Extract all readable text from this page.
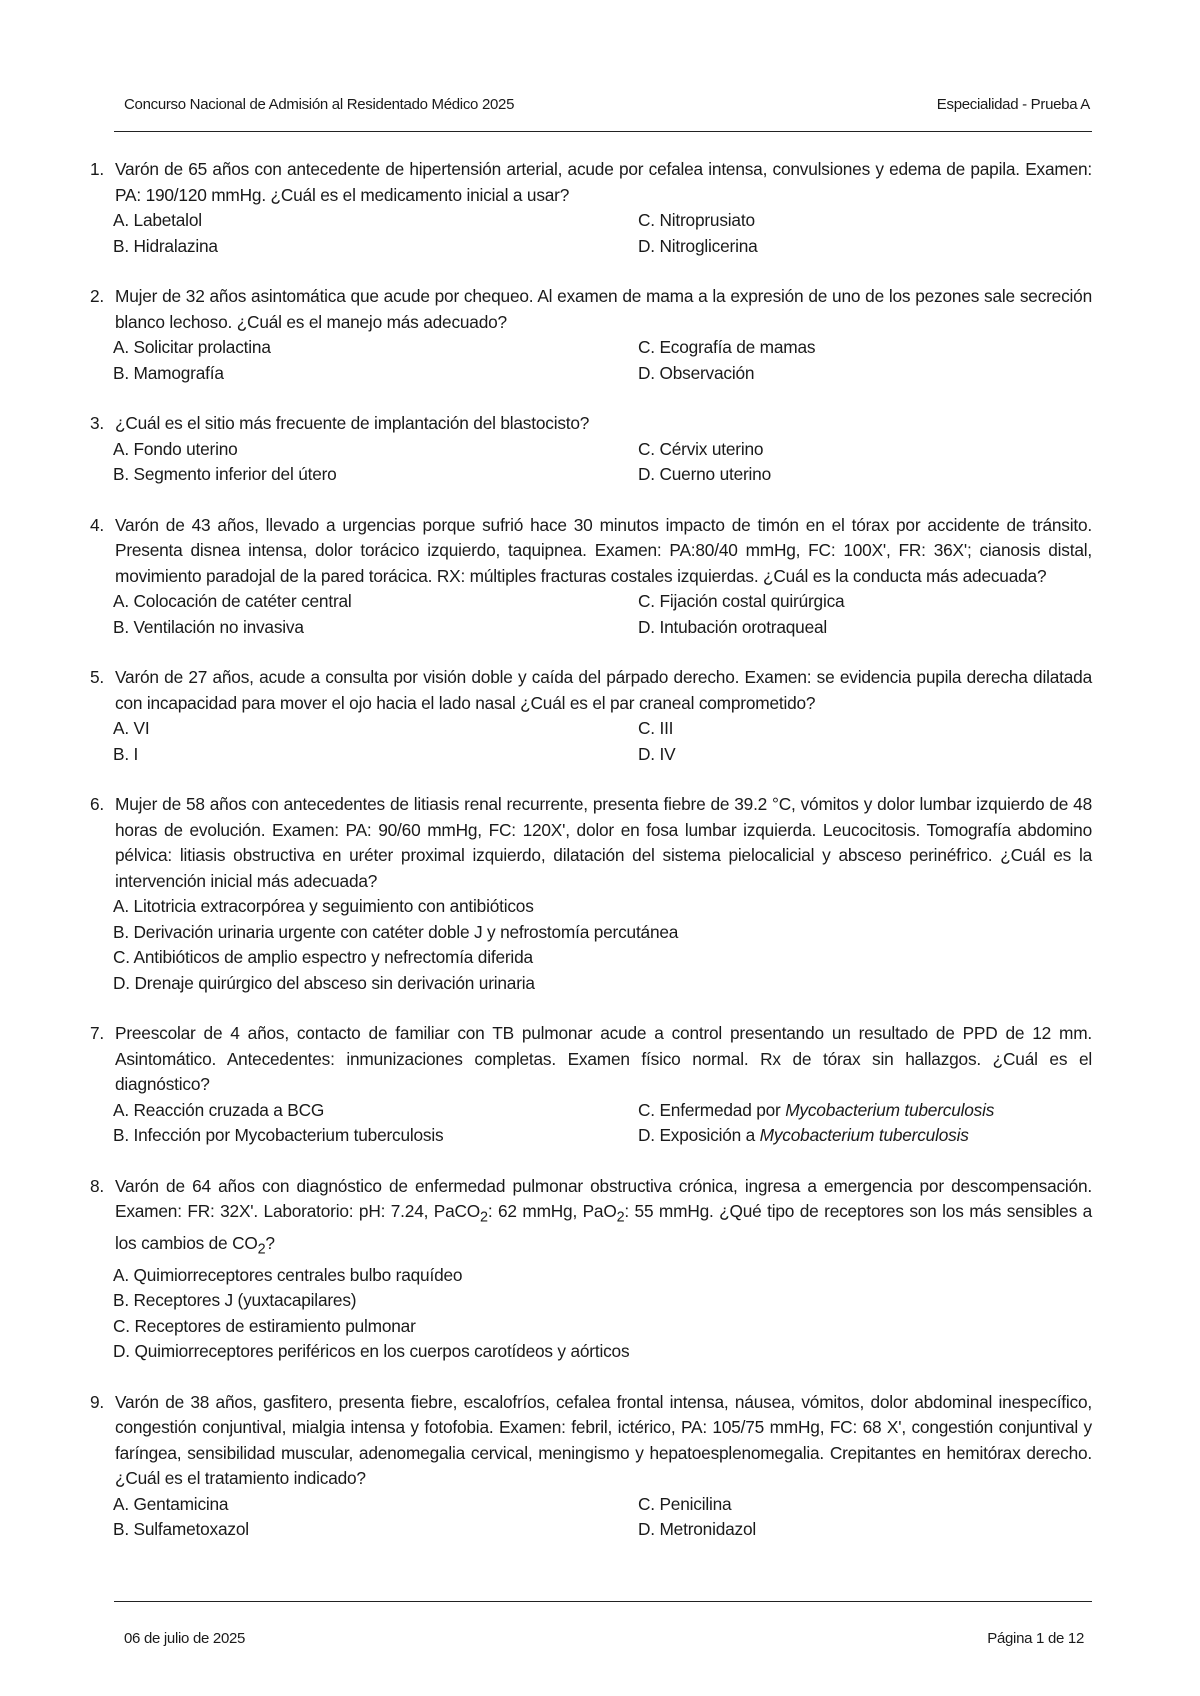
Concurso Nacional de Admisión al Residentado Médico 2025	Especialidad - Prueba A
1. Varón de 65 años con antecedente de hipertensión arterial, acude por cefalea intensa, convulsiones y edema de papila. Examen: PA: 190/120 mmHg. ¿Cuál es el medicamento inicial a usar?
A. Labetalol	C. Nitroprusiato
B. Hidralazina	D. Nitroglicerina
2. Mujer de 32 años asintomática que acude por chequeo. Al examen de mama a la expresión de uno de los pezones sale secreción blanco lechoso. ¿Cuál es el manejo más adecuado?
A. Solicitar prolactina	C. Ecografía de mamas
B. Mamografía	D. Observación
3. ¿Cuál es el sitio más frecuente de implantación del blastocisto?
A. Fondo uterino	C. Cérvix uterino
B. Segmento inferior del útero	D. Cuerno uterino
4. Varón de 43 años, llevado a urgencias porque sufrió hace 30 minutos impacto de timón en el tórax por accidente de tránsito. Presenta disnea intensa, dolor torácico izquierdo, taquipnea. Examen: PA:80/40 mmHg, FC: 100X', FR: 36X'; cianosis distal, movimiento paradojal de la pared torácica. RX: múltiples fracturas costales izquierdas. ¿Cuál es la conducta más adecuada?
A. Colocación de catéter central	C. Fijación costal quirúrgica
B. Ventilación no invasiva	D. Intubación orotraqueal
5. Varón de 27 años, acude a consulta por visión doble y caída del párpado derecho. Examen: se evidencia pupila derecha dilatada con incapacidad para mover el ojo hacia el lado nasal ¿Cuál es el par craneal comprometido?
A. VI	C. III
B. I	D. IV
6. Mujer de 58 años con antecedentes de litiasis renal recurrente, presenta fiebre de 39.2 °C, vómitos y dolor lumbar izquierdo de 48 horas de evolución. Examen: PA: 90/60 mmHg, FC: 120X', dolor en fosa lumbar izquierda. Leucocitosis. Tomografía abdomino pélvica: litiasis obstructiva en uréter proximal izquierdo, dilatación del sistema pielocalicial y absceso perinéfrico. ¿Cuál es la intervención inicial más adecuada?
A. Litotricia extracorpórea y seguimiento con antibióticos
B. Derivación urinaria urgente con catéter doble J y nefrostomía percutánea
C. Antibióticos de amplio espectro y nefrectomía diferida
D. Drenaje quirúrgico del absceso sin derivación urinaria
7. Preescolar de 4 años, contacto de familiar con TB pulmonar acude a control presentando un resultado de PPD de 12 mm. Asintomático. Antecedentes: inmunizaciones completas. Examen físico normal. Rx de tórax sin hallazgos. ¿Cuál es el diagnóstico?
A. Reacción cruzada a BCG	C. Enfermedad por Mycobacterium tuberculosis
B. Infección por Mycobacterium tuberculosis	D. Exposición a Mycobacterium tuberculosis
8. Varón de 64 años con diagnóstico de enfermedad pulmonar obstructiva crónica, ingresa a emergencia por descompensación. Examen: FR: 32X'. Laboratorio: pH: 7.24, PaCO$_2$: 62 mmHg, PaO$_2$: 55 mmHg. ¿Qué tipo de receptores son los más sensibles a los cambios de $CO_2$?
A. Quimiorreceptores centrales bulbo raquídeo
B. Receptores J (yuxtacapilares)
C. Receptores de estiramiento pulmonar
D. Quimiorreceptores periféricos en los cuerpos carotídeos y aórticos
9. Varón de 38 años, gasfitero, presenta fiebre, escalofríos, cefalea frontal intensa, náusea, vómitos, dolor abdominal inespecífico, congestión conjuntival, mialgia intensa y fotofobia. Examen: febril, ictérico, PA: 105/75 mmHg, FC: 68 X', congestión conjuntival y faríngea, sensibilidad muscular, adenomegalia cervical, meningismo y hepatoesplenomegalia. Crepitantes en hemitórax derecho. ¿Cuál es el tratamiento indicado?
A. Gentamicina	C. Penicilina
B. Sulfametoxazol	D. Metronidazol
06 de julio de 2025	Página 1 de 12
